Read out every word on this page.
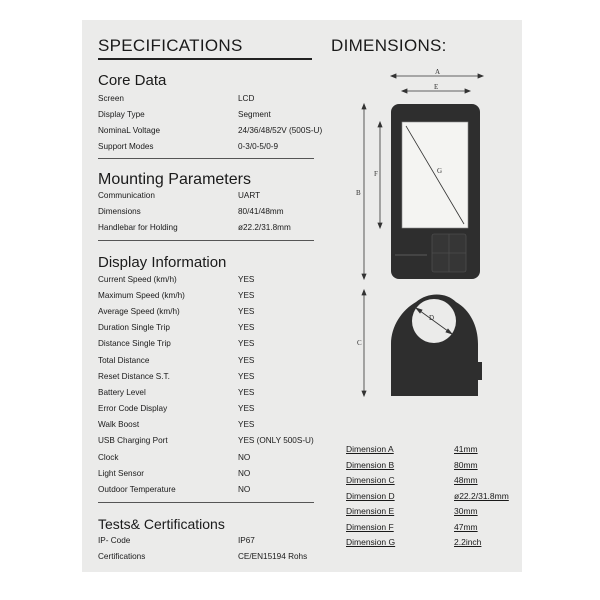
SPECIFICATIONS
Core Data
Screen	LCD
Display Type	Segment
NominaL Voltage	24/36/48/52V (500S-U)
Support Modes	0-3/0-5/0-9
Mounting Parameters
Communication	UART
Dimensions	80/41/48mm
Handlebar for Holding	ø22.2/31.8mm
Display Information
Current Speed (km/h)	YES
Maximum Speed (km/h)	YES
Average Speed (km/h)	YES
Duration Single Trip	YES
Distance Single Trip	YES
Total Distance	YES
Reset Distance S.T.	YES
Battery Level	YES
Error Code Display	YES
Walk Boost	YES
USB Charging Port	YES (ONLY 500S-U)
Clock	NO
Light Sensor	NO
Outdoor Temperature	NO
Tests& Certifications
IP- Code	IP67
Certifications	CE/EN15194 Rohs
DIMENSIONS:
A
E
G
F
B
D
C
Dimension A	41mm
Dimension B	80mm
Dimension C	48mm
Dimension D	ø22.2/31.8mm
Dimension E	30mm
Dimension F	47mm
Dimension G	2.2inch
